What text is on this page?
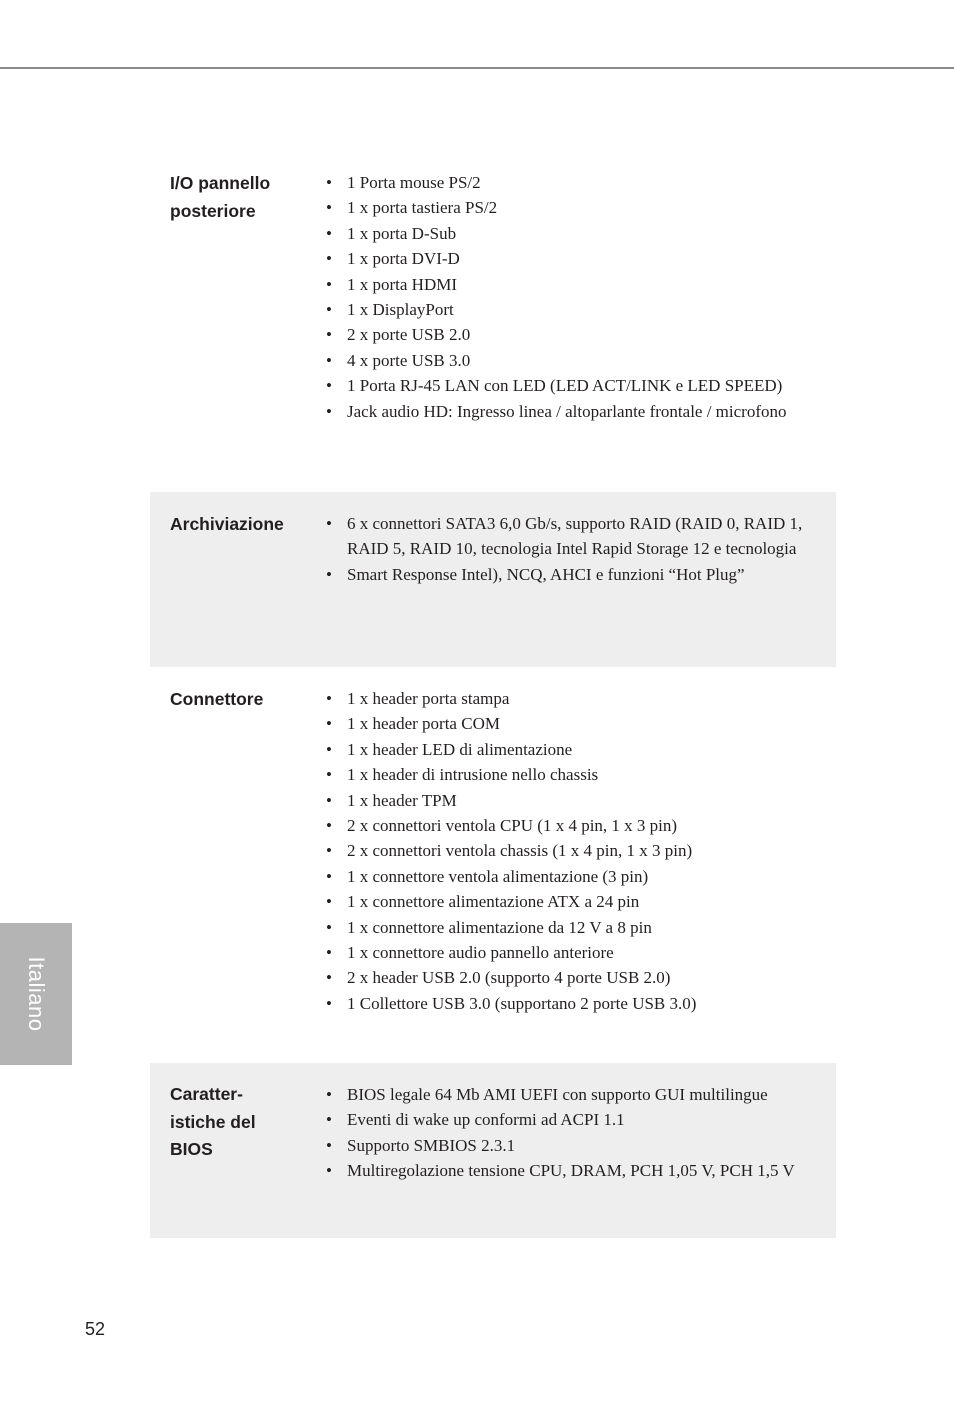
I/O pannello
posteriore
• 1 Porta mouse PS/2
• 1 x porta tastiera PS/2
• 1 x porta D-Sub
• 1 x porta DVI-D
• 1 x porta HDMI
• 1 x DisplayPort
• 2 x porte USB 2.0
• 4 x porte USB 3.0
• 1 Porta RJ-45 LAN con LED (LED ACT/LINK e LED SPEED)
• Jack audio HD: Ingresso linea / altoparlante frontale / microfono
Archiviazione	• 6 x connettori SATA3 6,0 Gb/s, supporto RAID (RAID 0, RAID 1, RAID 5, RAID 10, tecnologia Intel Rapid Storage 12 e tecnologia
• Smart Response Intel), NCQ, AHCI e funzioni “Hot Plug”
Connettore	• 1 x header porta stampa
• 1 x header porta COM
• 1 x header LED di alimentazione
• 1 x header di intrusione nello chassis
• 1 x header TPM
• 2 x connettori ventola CPU (1 x 4 pin, 1 x 3 pin)
• 2 x connettori ventola chassis (1 x 4 pin, 1 x 3 pin)
• 1 x connettore ventola alimentazione (3 pin)
• 1 x connettore alimentazione ATX a 24 pin
• 1 x connettore alimentazione da 12 V a 8 pin
• 1 x connettore audio pannello anteriore
• 2 x header USB 2.0 (supporto 4 porte USB 2.0)
• 1 Collettore USB 3.0 (supportano 2 porte USB 3.0)
Caratter-
istiche del
BIOS
• BIOS legale 64 Mb AMI UEFI con supporto GUI multilingue
• Eventi di wake up conformi ad ACPI 1.1
• Supporto SMBIOS 2.3.1
• Multiregolazione tensione CPU, DRAM, PCH 1,05 V, PCH 1,5 V
Italiano
52
